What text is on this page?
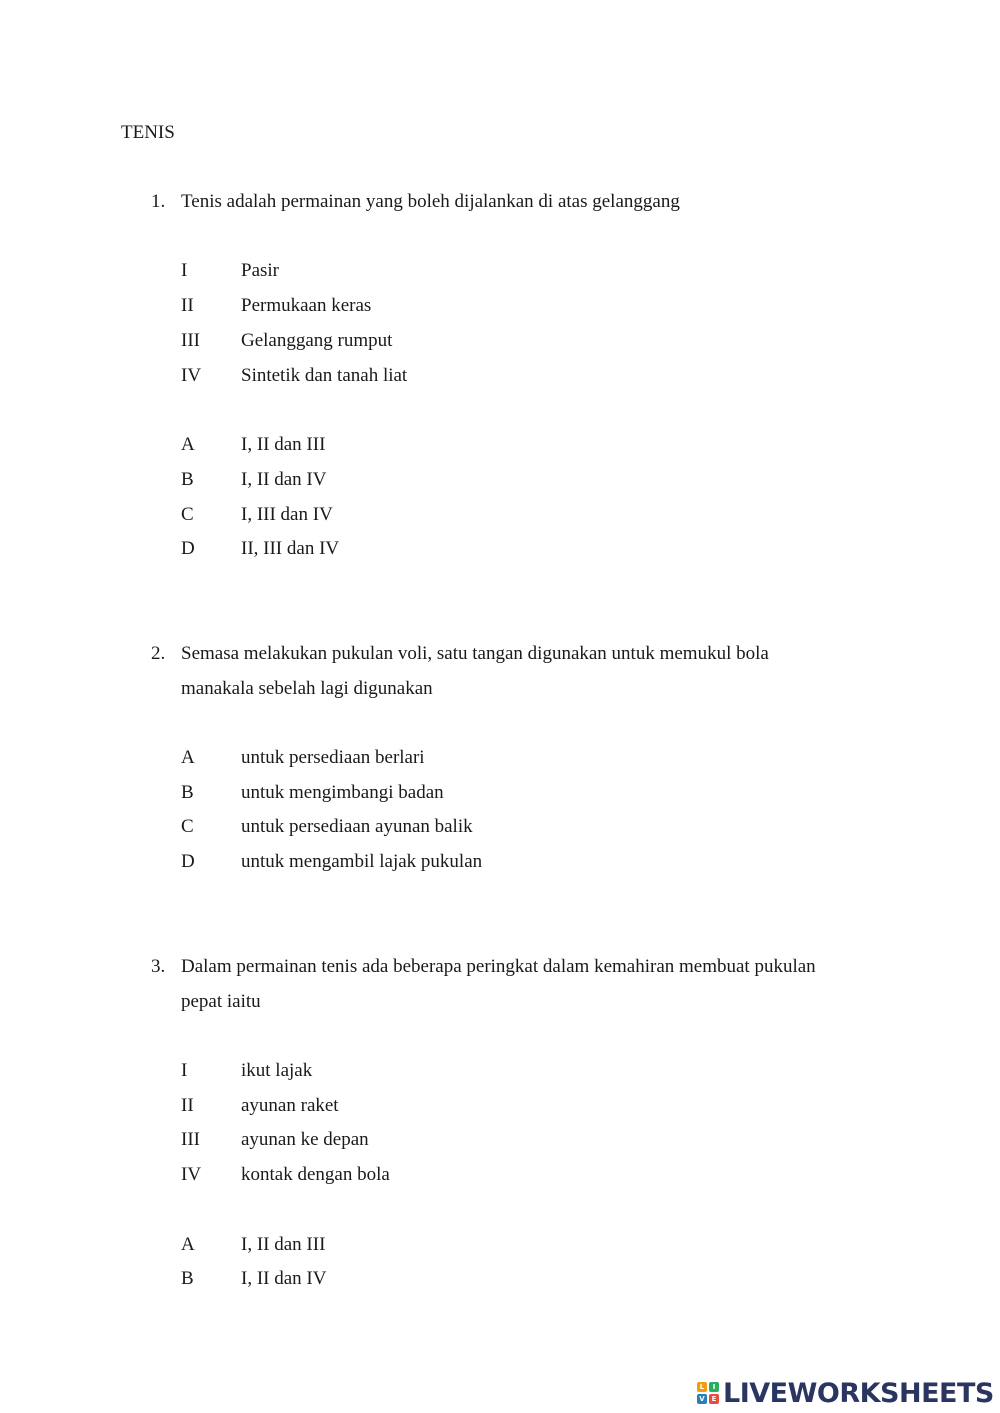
TENIS
1. Tenis adalah permainan yang boleh dijalankan di atas gelanggang
I	Pasir
II Permukaan keras
III Gelanggang rumput
IV Sintetik dan tanah liat
A I, II dan III
B I, II dan IV
C I, III dan IV
D II, III dan IV
2. Semasa melakukan pukulan voli, satu tangan digunakan untuk memukul bola
manakala sebelah lagi digunakan
A untuk persediaan berlari
B untuk mengimbangi badan
C untuk persediaan ayunan balik
D untuk mengambil lajak pukulan
3. Dalam permainan tenis ada beberapa peringkat dalam kemahiran membuat pukulan
pepat iaitu
I	ikut lajak
II ayunan raket
III ayunan ke depan
IV kontak dengan bola
A I, II dan III
B I, II dan IV
L	I
V E LIVEWORKSHEETS
